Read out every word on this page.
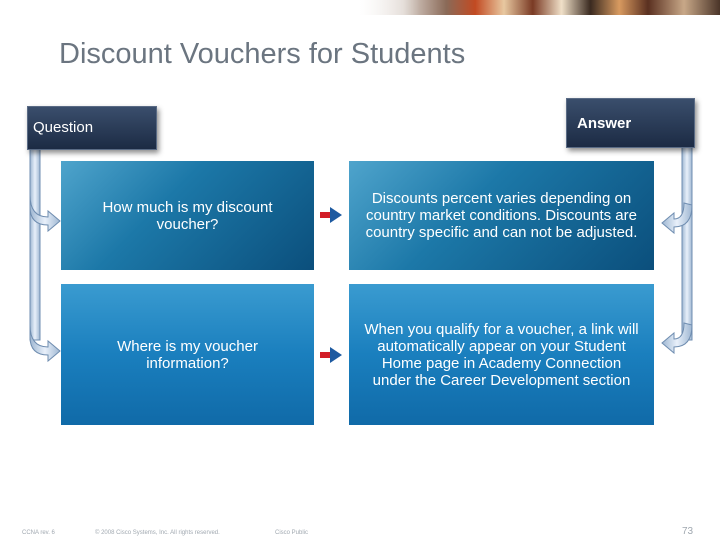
Discount Vouchers for Students
Question	Answer
How much is my discount voucher?
Discounts percent varies depending on country market conditions. Discounts are country specific and can not be adjusted.
Where is my voucher information?
When you qualify for a voucher, a link will automatically appear on your Student Home page in Academy Connection under the Career Development section
CCNA rev. 6	© 2008 Cisco Systems, Inc. All rights reserved.	Cisco Public	73
